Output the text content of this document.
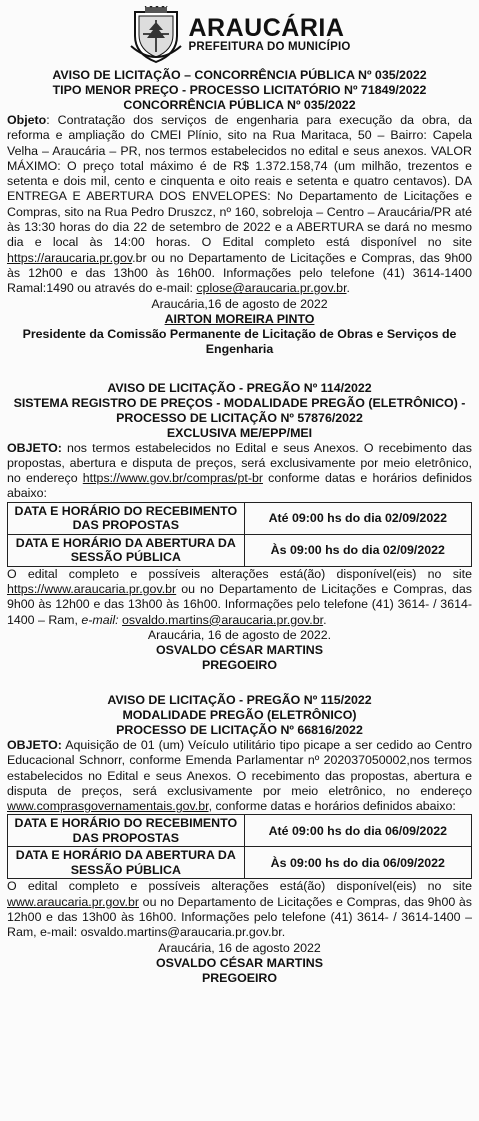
ARAUCÁRIA
PREFEITURA DO MUNICÍPIO

AVISO DE LICITAÇÃO – CONCORRÊNCIA PÚBLICA Nº 035/2022

TIPO MENOR PREÇO - PROCESSO LICITATÓRIO Nº 71849/2022

CONCORRÊNCIA PÚBLICA Nº 035/2022

Objeto: Contratação dos serviços de engenharia para execução da obra, da reforma e ampliação do CMEI Plínio, sito na Rua Maritaca, 50 – Bairro: Capela Velha – Araucária – PR, nos termos estabelecidos no edital e seus anexos. VALOR MÁXIMO: O preço total máximo é de R$ 1.372.158,74 (um milhão, trezentos e setenta e dois mil, cento e cinquenta e oito reais e setenta e quatro centavos). DA ENTREGA E ABERTURA DOS ENVELOPES: No Departamento de Licitações e Compras, sito na Rua Pedro Druszcz, nº 160, sobreloja – Centro – Araucária/PR até às 13:30 horas do dia 22 de setembro de 2022 e a ABERTURA se dará no mesmo dia e local às 14:00 horas. O Edital completo está disponível no site https://araucaria.pr.gov.br ou no Departamento de Licitações e Compras, das 9h00 às 12h00 e das 13h00 às 16h00. Informações pelo telefone (41) 3614-1400 Ramal:1490 ou através do e-mail: cplose@araucaria.pr.gov.br.

Araucária,16 de agosto de 2022

AIRTON MOREIRA PINTO

Presidente da Comissão Permanente de Licitação de Obras e Serviços de Engenharia

AVISO DE LICITAÇÃO - PREGÃO Nº 114/2022

SISTEMA REGISTRO DE PREÇOS - MODALIDADE PREGÃO (ELETRÔNICO) - PROCESSO DE LICITAÇÃO Nº 57876/2022

EXCLUSIVA ME/EPP/MEI

OBJETO: nos termos estabelecidos no Edital e seus Anexos. O recebimento das propostas, abertura e disputa de preços, será exclusivamente por meio eletrônico, no endereço https://www.gov.br/compras/pt-br conforme datas e horários definidos abaixo:

DATA E HORÁRIO DO RECEBIMENTO DAS PROPOSTAS	Até 09:00 hs do dia 02/09/2022
DATA E HORÁRIO DA ABERTURA DA SESSÃO PÚBLICA	Às 09:00 hs do dia 02/09/2022

O edital completo e possíveis alterações está(ão) disponível(eis) no site https://www.araucaria.pr.gov.br ou no Departamento de Licitações e Compras, das 9h00 às 12h00 e das 13h00 às 16h00. Informações pelo telefone (41) 3614- / 3614-1400 – Ram, e-mail: osvaldo.martins@araucaria.pr.gov.br.

Araucária, 16 de agosto de 2022.

OSVALDO CÉSAR MARTINS

PREGOEIRO

AVISO DE LICITAÇÃO - PREGÃO Nº 115/2022

MODALIDADE PREGÃO (ELETRÔNICO)

PROCESSO DE LICITAÇÃO Nº 66816/2022

OBJETO: Aquisição de 01 (um) Veículo utilitário tipo picape a ser cedido ao Centro Educacional Schnorr, conforme Emenda Parlamentar nº 202037050002,nos termos estabelecidos no Edital e seus Anexos. O recebimento das propostas, abertura e disputa de preços, será exclusivamente por meio eletrônico, no endereço www.comprasgovernamentais.gov.br, conforme datas e horários definidos abaixo:

DATA E HORÁRIO DO RECEBIMENTO DAS PROPOSTAS	Até 09:00 hs do dia 06/09/2022
DATA E HORÁRIO DA ABERTURA DA SESSÃO PÚBLICA	Às 09:00 hs do dia 06/09/2022

O edital completo e possíveis alterações está(ão) disponível(eis) no site www.araucaria.pr.gov.br ou no Departamento de Licitações e Compras, das 9h00 às 12h00 e das 13h00 às 16h00. Informações pelo telefone (41) 3614- / 3614-1400 – Ram, e-mail: osvaldo.martins@araucaria.pr.gov.br.

Araucária, 16 de agosto 2022

OSVALDO CÉSAR MARTINS

PREGOEIRO
